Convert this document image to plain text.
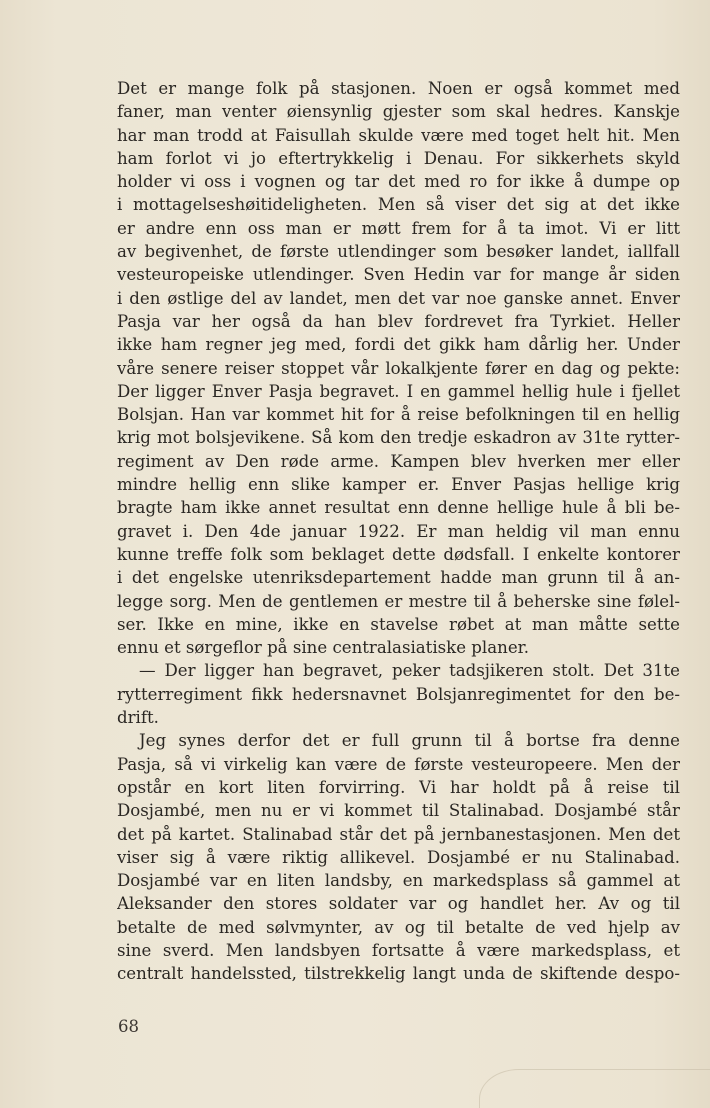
Det er mange folk på stasjonen. Noen er også kommet med
faner, man venter øiensynlig gjester som skal hedres. Kanskje
har man trodd at Faisullah skulde være med toget helt hit. Men
ham forlot vi jo eftertrykkelig i Denau. For sikkerhets skyld
holder vi oss i vognen og tar det med ro for ikke å dumpe op
i mottagelseshøitideligheten. Men så viser det sig at det ikke
er andre enn oss man er møtt frem for å ta imot. Vi er litt
av begivenhet, de første utlendinger som besøker landet, iallfall
vesteuropeiske utlendinger. Sven Hedin var for mange år siden
i den østlige del av landet, men det var noe ganske annet. Enver
Pasja var her også da han blev fordrevet fra Tyrkiet. Heller
ikke ham regner jeg med, fordi det gikk ham dårlig her. Under
våre senere reiser stoppet vår lokalkjente fører en dag og pekte:
Der ligger Enver Pasja begravet. I en gammel hellig hule i fjellet
Bolsjan. Han var kommet hit for å reise befolkningen til en hellig
krig mot bolsjevikene. Så kom den tredje eskadron av 31te rytter-
regiment av Den røde arme. Kampen blev hverken mer eller
mindre hellig enn slike kamper er. Enver Pasjas hellige krig
bragte ham ikke annet resultat enn denne hellige hule å bli be-
gravet i. Den 4de januar 1922. Er man heldig vil man ennu
kunne treffe folk som beklaget dette dødsfall. I enkelte kontorer
i det engelske utenriksdepartement hadde man grunn til å an-
legge sorg. Men de gentlemen er mestre til å beherske sine følel-
ser. Ikke en mine, ikke en stavelse røbet at man måtte sette
ennu et sørgeflor på sine centralasiatiske planer.
— Der ligger han begravet, peker tadsjikeren stolt. Det 31te
rytterregiment fikk hedersnavnet Bolsjanregimentet for den be-
drift.
Jeg synes derfor det er full grunn til å bortse fra denne
Pasja, så vi virkelig kan være de første vesteuropeere. Men der
opstår en kort liten forvirring. Vi har holdt på å reise til
Dosjambé, men nu er vi kommet til Stalinabad. Dosjambé står
det på kartet. Stalinabad står det på jernbanestasjonen. Men det
viser sig å være riktig allikevel. Dosjambé er nu Stalinabad.
Dosjambé var en liten landsby, en markedsplass så gammel at
Aleksander den stores soldater var og handlet her. Av og til
betalte de med sølvmynter, av og til betalte de ved hjelp av
sine sverd. Men landsbyen fortsatte å være markedsplass, et
centralt handelssted, tilstrekkelig langt unda de skiftende despo-
68
